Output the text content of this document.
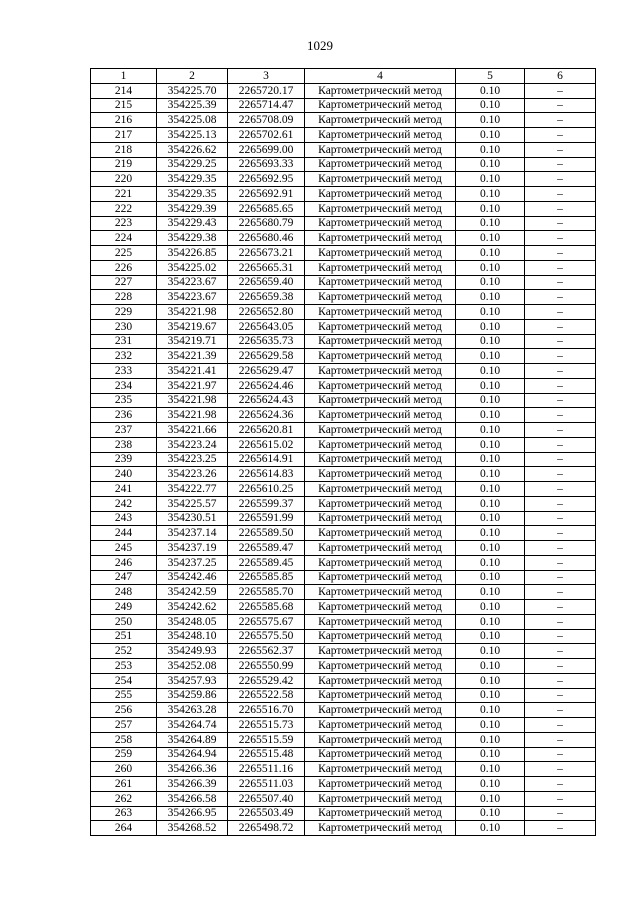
1029
1	2	3	4	5	6
214	354225.70	2265720.17	Картометрический метод	0.10	–
215	354225.39	2265714.47	Картометрический метод	0.10	–
216	354225.08	2265708.09	Картометрический метод	0.10	–
217	354225.13	2265702.61	Картометрический метод	0.10	–
218	354226.62	2265699.00	Картометрический метод	0.10	–
219	354229.25	2265693.33	Картометрический метод	0.10	–
220	354229.35	2265692.95	Картометрический метод	0.10	–
221	354229.35	2265692.91	Картометрический метод	0.10	–
222	354229.39	2265685.65	Картометрический метод	0.10	–
223	354229.43	2265680.79	Картометрический метод	0.10	–
224	354229.38	2265680.46	Картометрический метод	0.10	–
225	354226.85	2265673.21	Картометрический метод	0.10	–
226	354225.02	2265665.31	Картометрический метод	0.10	–
227	354223.67	2265659.40	Картометрический метод	0.10	–
228	354223.67	2265659.38	Картометрический метод	0.10	–
229	354221.98	2265652.80	Картометрический метод	0.10	–
230	354219.67	2265643.05	Картометрический метод	0.10	–
231	354219.71	2265635.73	Картометрический метод	0.10	–
232	354221.39	2265629.58	Картометрический метод	0.10	–
233	354221.41	2265629.47	Картометрический метод	0.10	–
234	354221.97	2265624.46	Картометрический метод	0.10	–
235	354221.98	2265624.43	Картометрический метод	0.10	–
236	354221.98	2265624.36	Картометрический метод	0.10	–
237	354221.66	2265620.81	Картометрический метод	0.10	–
238	354223.24	2265615.02	Картометрический метод	0.10	–
239	354223.25	2265614.91	Картометрический метод	0.10	–
240	354223.26	2265614.83	Картометрический метод	0.10	–
241	354222.77	2265610.25	Картометрический метод	0.10	–
242	354225.57	2265599.37	Картометрический метод	0.10	–
243	354230.51	2265591.99	Картометрический метод	0.10	–
244	354237.14	2265589.50	Картометрический метод	0.10	–
245	354237.19	2265589.47	Картометрический метод	0.10	–
246	354237.25	2265589.45	Картометрический метод	0.10	–
247	354242.46	2265585.85	Картометрический метод	0.10	–
248	354242.59	2265585.70	Картометрический метод	0.10	–
249	354242.62	2265585.68	Картометрический метод	0.10	–
250	354248.05	2265575.67	Картометрический метод	0.10	–
251	354248.10	2265575.50	Картометрический метод	0.10	–
252	354249.93	2265562.37	Картометрический метод	0.10	–
253	354252.08	2265550.99	Картометрический метод	0.10	–
254	354257.93	2265529.42	Картометрический метод	0.10	–
255	354259.86	2265522.58	Картометрический метод	0.10	–
256	354263.28	2265516.70	Картометрический метод	0.10	–
257	354264.74	2265515.73	Картометрический метод	0.10	–
258	354264.89	2265515.59	Картометрический метод	0.10	–
259	354264.94	2265515.48	Картометрический метод	0.10	–
260	354266.36	2265511.16	Картометрический метод	0.10	–
261	354266.39	2265511.03	Картометрический метод	0.10	–
262	354266.58	2265507.40	Картометрический метод	0.10	–
263	354266.95	2265503.49	Картометрический метод	0.10	–
264	354268.52	2265498.72	Картометрический метод	0.10	–
